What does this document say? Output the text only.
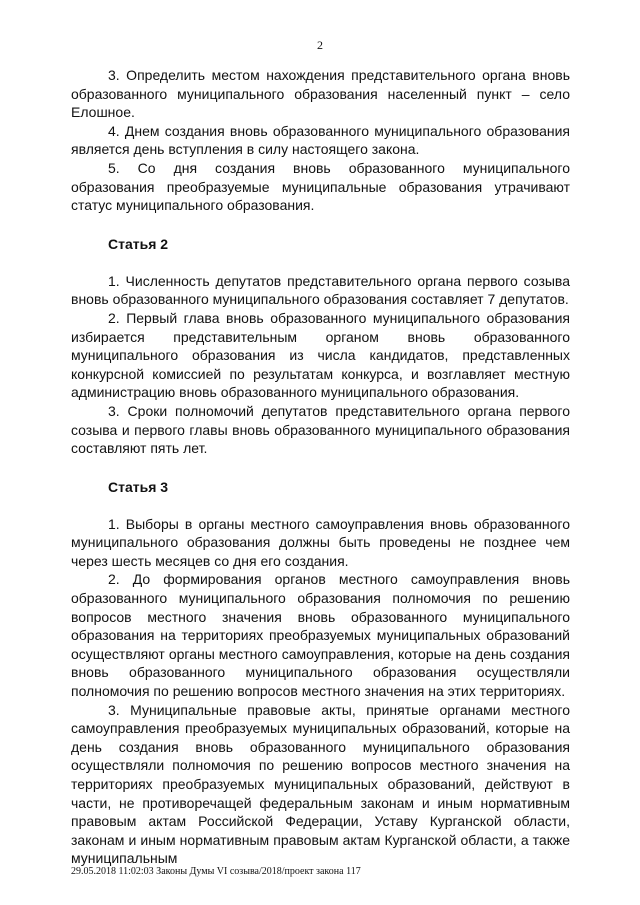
2

3. Определить местом нахождения представительного органа вновь образованного муниципального образования населенный пункт – село Елошное.

4. Днем создания вновь образованного муниципального образования является день вступления в силу настоящего закона.

5. Со дня создания вновь образованного муниципального образования преобразуемые муниципальные образования утрачивают статус муниципального образования.

Статья 2

1. Численность депутатов представительного органа первого созыва вновь образованного муниципального образования составляет 7 депутатов.

2. Первый глава вновь образованного муниципального образования избирается представительным органом вновь образованного муниципального образования из числа кандидатов, представленных конкурсной комиссией по результатам конкурса, и возглавляет местную администрацию вновь образованного муниципального образования.

3. Сроки полномочий депутатов представительного органа первого созыва и первого главы вновь образованного муниципального образования составляют пять лет.

Статья 3

1. Выборы в органы местного самоуправления вновь образованного муниципального образования должны быть проведены не позднее чем через шесть месяцев со дня его создания.

2. До формирования органов местного самоуправления вновь образованного муниципального образования полномочия по решению вопросов местного значения вновь образованного муниципального образования на территориях преобразуемых муниципальных образований осуществляют органы местного самоуправления, которые на день создания вновь образованного муниципального образования осуществляли полномочия по решению вопросов местного значения на этих территориях.

3. Муниципальные правовые акты, принятые органами местного самоуправления преобразуемых муниципальных образований, которые на день создания вновь образованного муниципального образования осуществляли полномочия по решению вопросов местного значения на территориях преобразуемых муниципальных образований, действуют в части, не противоречащей федеральным законам и иным нормативным правовым актам Российской Федерации, Уставу Курганской области, законам и иным нормативным правовым актам Курганской области, а также муниципальным

29.05.2018 11:02:03 Законы Думы VI созыва/2018/проект закона 117
